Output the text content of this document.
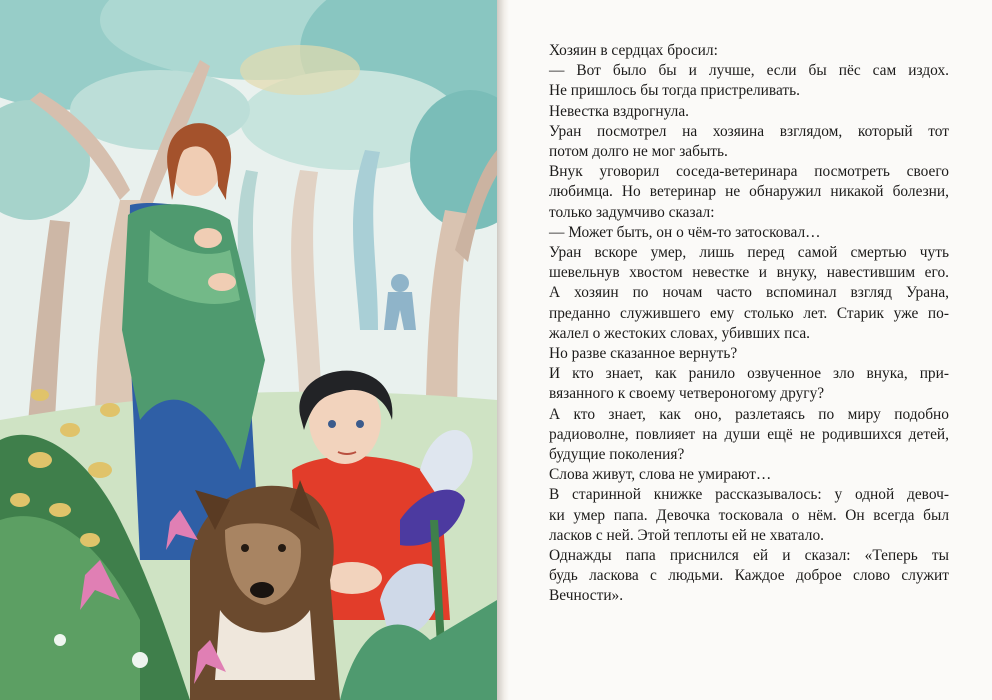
Хозяин в сердцах бросил:
— Вот было бы и лучше, если бы пёс сам издох.
Не пришлось бы тогда пристреливать.
Невестка вздрогнула.
Уран посмотрел на хозяина взглядом, который тот
потом долго не мог забыть.
Внук уговорил соседа-ветеринара посмотреть своего
любимца. Но ветеринар не обнаружил никакой болезни,
только задумчиво сказал:
— Может быть, он о чём-то затосковал…
Уран вскоре умер, лишь перед самой смертью чуть
шевельнув хвостом невестке и внуку, навестившим его.
А хозяин по ночам часто вспоминал взгляд Урана,
преданно служившего ему столько лет. Старик уже по-
жалел о жестоких словах, убивших пса.
Но разве сказанное вернуть?
И кто знает, как ранило озвученное зло внука, при-
вязанного к своему четвероногому другу?
А кто знает, как оно, разлетаясь по миру подобно
радиоволне, повлияет на души ещё не родившихся детей,
будущие поколения?
Слова живут, слова не умирают…
В старинной книжке рассказывалось: у одной девоч-
ки умер папа. Девочка тосковала о нём. Он всегда был
ласков с ней. Этой теплоты ей не хватало.
Однажды папа приснился ей и сказал: «Теперь ты
будь ласкова с людьми. Каждое доброе слово служит
Вечности».
